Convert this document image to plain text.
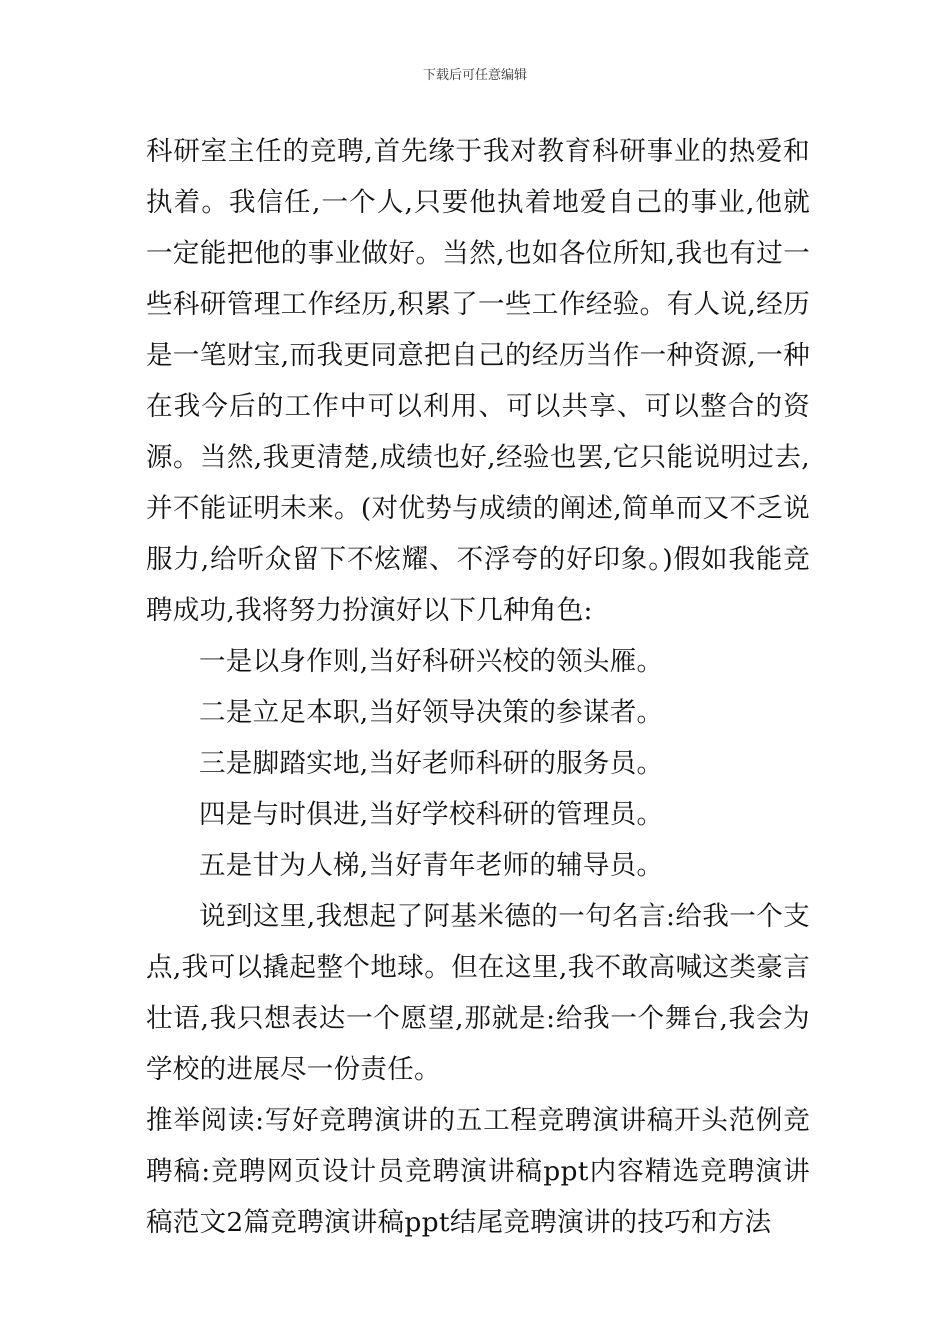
下载后可任意编辑

科研室主任的竞聘,首先缘于我对教育科研事业的热爱和执着。我信任,一个人,只要他执着地爱自己的事业,他就一定能把他的事业做好。当然,也如各位所知,我也有过一些科研管理工作经历,积累了一些工作经验。有人说,经历是一笔财宝,而我更同意把自己的经历当作一种资源,一种在我今后的工作中可以利用、可以共享、可以整合的资源。当然,我更清楚,成绩也好,经验也罢,它只能说明过去,并不能证明未来。(对优势与成绩的阐述,简单而又不乏说服力,给听众留下不炫耀、不浮夸的好印象。)假如我能竞聘成功,我将努力扮演好以下几种角色:

一是以身作则,当好科研兴校的领头雁。

二是立足本职,当好领导决策的参谋者。

三是脚踏实地,当好老师科研的服务员。

四是与时俱进,当好学校科研的管理员。

五是甘为人梯,当好青年老师的辅导员。

说到这里,我想起了阿基米德的一句名言:给我一个支点,我可以撬起整个地球。但在这里,我不敢高喊这类豪言壮语,我只想表达一个愿望,那就是:给我一个舞台,我会为学校的进展尽一份责任。

推举阅读:写好竞聘演讲的五工程竞聘演讲稿开头范例竞聘稿:竞聘网页设计员竞聘演讲稿ppt内容精选竞聘演讲稿范文2篇竞聘演讲稿ppt结尾竞聘演讲的技巧和方法
